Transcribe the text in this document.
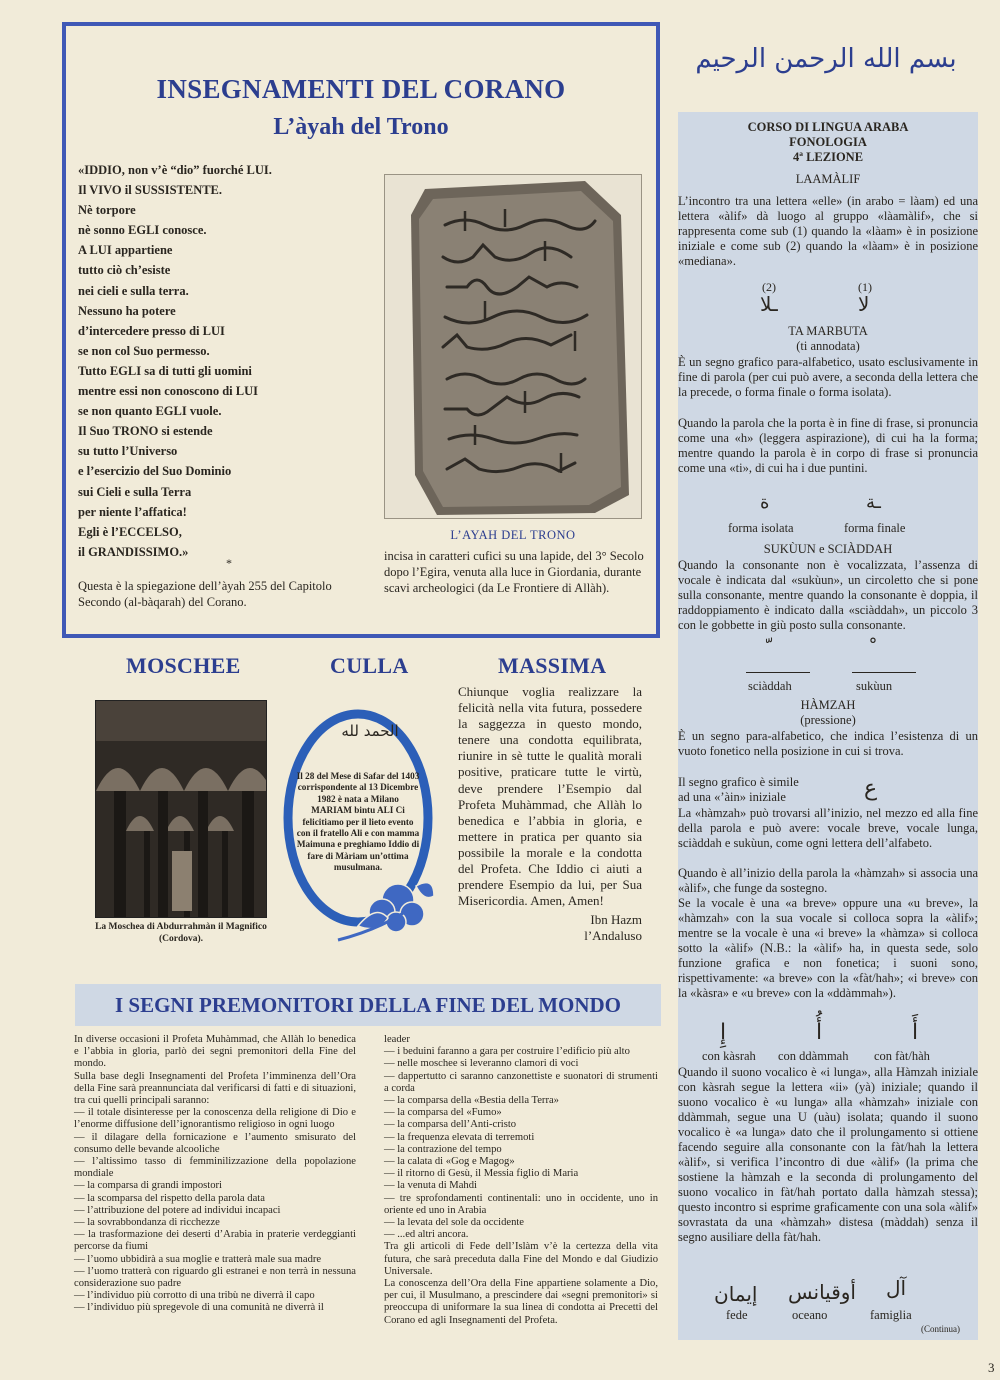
INSEGNAMENTI DEL CORANO
L’àyah del Trono
«IDDIO, non v’è “dio” fuorché LUI.
Il VIVO il SUSSISTENTE.
Nè torpore
nè sonno EGLI conosce.
A LUI appartiene
tutto ciò ch’esiste
nei cieli e sulla terra.
Nessuno ha potere
d’intercedere presso di LUI
se non col Suo permesso.
Tutto EGLI sa di tutti gli uomini
mentre essi non conoscono di LUI
se non quanto EGLI vuole.
Il Suo TRONO si estende
su tutto l’Universo
e l’esercizio del Suo Dominio
sui Cieli e sulla Terra
per niente l’affatica!
Egli è l’ECCELSO,
il GRANDISSIMO.»
*
Questa è la spiegazione dell’àyah 255 del Capitolo Secondo (al-bàqarah) del Corano.
L’AYAH DEL TRONO
incisa in caratteri cufici su una lapide, del 3° Secolo dopo l’Egira, venuta alla luce in Giordania, durante scavi archeologici (da Le Frontiere di Allàh).
بسم الله الرحمن الرحيم
CORSO DI LINGUA ARABA
FONOLOGIA
4ª LEZIONE
LAAMÀLIF
L’incontro tra una lettera «elle» (in arabo = làam) ed una lettera «àlif» dà luogo al gruppo «làamàlif», che si rappresenta come sub (1) quando la «làam» è in posizione iniziale e come sub (2) quando la «làam» è in posizione «mediana».
(2)	(1)
ـلا	لا
TA MARBUTA
(ti annodata)
È un segno grafico para-alfabetico, usato esclusivamente in fine di parola (per cui può avere, a seconda della lettera che la precede, o forma finale o forma isolata).
Quando la parola che la porta è in fine di frase, si pronuncia come una «h» (leggera aspirazione), di cui ha la forma; mentre quando la parola è in corpo di frase si pronuncia come una «ti», di cui ha i due puntini.
ة	ـة
forma isolata	forma finale
SUKÙUN e SCIÀDDAH
Quando la consonante non è vocalizzata, l’assenza di vocale è indicata dal «sukùun», un circoletto che si pone sulla consonante, mentre quando la consonante è doppia, il raddoppiamento è indicato dalla «sciàddah», un piccolo 3 con le gobbette in giù posto sulla consonante.
sciàddah	sukùun
HÀMZAH
(pressione)
È un segno para-alfabetico, che indica l’esistenza di un vuoto fonetico nella posizione in cui si trova.
Il segno grafico è simile
ad una «’àin» iniziale	ع
La «hàmzah» può trovarsi all’inizio, nel mezzo ed alla fine della parola e può avere: vocale breve, vocale lunga, sciàddah e sukùun, come ogni lettera dell’alfabeto.
Quando è all’inizio della parola la «hàmzah» si associa una «àlif», che funge da sostegno.
Se la vocale è una «a breve» oppure una «u breve», la «hàmzah» con la sua vocale si colloca sopra la «àlif»; mentre se la vocale è una «i breve» la «hàmza» si colloca sotto la «àlif» (N.B.: la «àlif» ha, in questa sede, solo funzione grafica e non fonetica; i suoni sono, rispettivamente: «a breve» con la «fàt/hah»; «i breve» con la «kàsra» e «u breve» con la «ddàmmah»).
إِ	أُ	أَ
con kàsrah con ddàmmah con fàt/hàh
Quando il suono vocalico è «i lunga», alla Hàmzah iniziale con kàsrah segue la lettera «ii» (yà) iniziale; quando il suono vocalico è «u lunga» alla «hàmzah» iniziale con ddàmmah, segue una U (uàu) isolata; quando il suono vocalico è «a lunga» dato che il prolungamento si ottiene facendo seguire alla consonante con la fàt/hah la lettera «àlif», si verifica l’incontro di due «àlif» (la prima che sostiene la hàmzah e la seconda di prolungamento del suono vocalico in fàt/hah portato dalla hàmzah stessa); questo incontro si esprime graficamente con una sola «àlif» sovrastata da una «hàmzah» distesa (màddah) senza il segno ausiliare della fàt/hah.
إيمان أوقيانس آل
fede	oceano	famiglia
(Continua)
MOSCHEE	CULLA	MASSIMA
La Moschea di Abdurrahmàn il Magnifico (Cordova).
الحمد لله
Il 28 del Mese di Safar del 1403 corrispondente al 13 Dicembre 1982 è nata a Milano MARIAM bintu ALI Ci felicitiamo per il lieto evento con il fratello Ali e con mamma Maimuna e preghiamo Iddio di fare di Màriam un’ottima musulmana.
Chiunque voglia realizzare la felicità nella vita futura, possedere la saggezza in questo mondo, tenere una condotta equilibrata, riunire in sè tutte le qualità morali positive, praticare tutte le virtù, deve prendere l’Esempio dal Profeta Muhàmmad, che Allàh lo benedica e l’abbia in gloria, e mettere in pratica per quanto sia possibile la morale e la condotta del Profeta. Che Iddio ci aiuti a prendere Esempio da lui, per Sua Misericordia. Amen, Amen!
Ibn Hazm
l’Andaluso
I SEGNI PREMONITORI DELLA FINE DEL MONDO
In diverse occasioni il Profeta Muhàmmad, che Allàh lo benedica e l’abbia in gloria, parlò dei segni premonitori della Fine del mondo.
Sulla base degli Insegnamenti del Profeta l’imminenza dell’Ora della Fine sarà preannunciata dal verificarsi di fatti e di situazioni, tra cui quelli principali saranno:
— il totale disinteresse per la conoscenza della religione di Dio e l’enorme diffusione dell’ignorantismo religioso in ogni luogo
— il dilagare della fornicazione e l’aumento smisurato del consumo delle bevande alcooliche
— l’altissimo tasso di femminilizzazione della popolazione mondiale
— la comparsa di grandi impostori
— la scomparsa del rispetto della parola data
— l’attribuzione del potere ad individui incapaci
— la sovrabbondanza di ricchezze
— la trasformazione dei deserti d’Arabia in praterie verdeggianti percorse da fiumi
— l’uomo ubbidirà a sua moglie e tratterà male sua madre
— l’uomo tratterà con riguardo gli estranei e non terrà in nessuna considerazione suo padre
— l’individuo più corrotto di una tribù ne diverrà il capo
— l’individuo più spregevole di una comunità ne diverrà il
leader
— i beduini faranno a gara per costruire l’edificio più alto
— nelle moschee si leveranno clamori di voci
— dappertutto ci saranno canzonettiste e suonatori di strumenti a corda
— la comparsa della «Bestia della Terra»
— la comparsa del «Fumo»
— la comparsa dell’Anti-cristo
— la frequenza elevata di terremoti
— la contrazione del tempo
— la calata di «Gog e Magog»
— il ritorno di Gesù, il Messia figlio di Maria
— la venuta di Mahdi
— tre sprofondamenti continentali: uno in occidente, uno in oriente ed uno in Arabia
— la levata del sole da occidente
— ...ed altri ancora.
Tra gli articoli di Fede dell’Islàm v’è la certezza della vita futura, che sarà preceduta dalla Fine del Mondo e dal Giudizio Universale.
La conoscenza dell’Ora della Fine appartiene solamente a Dio, per cui, il Musulmano, a prescindere dai «segni premonitori» si preoccupa di uniformare la sua linea di condotta ai Precetti del Corano ed agli Insegnamenti del Profeta.
3
